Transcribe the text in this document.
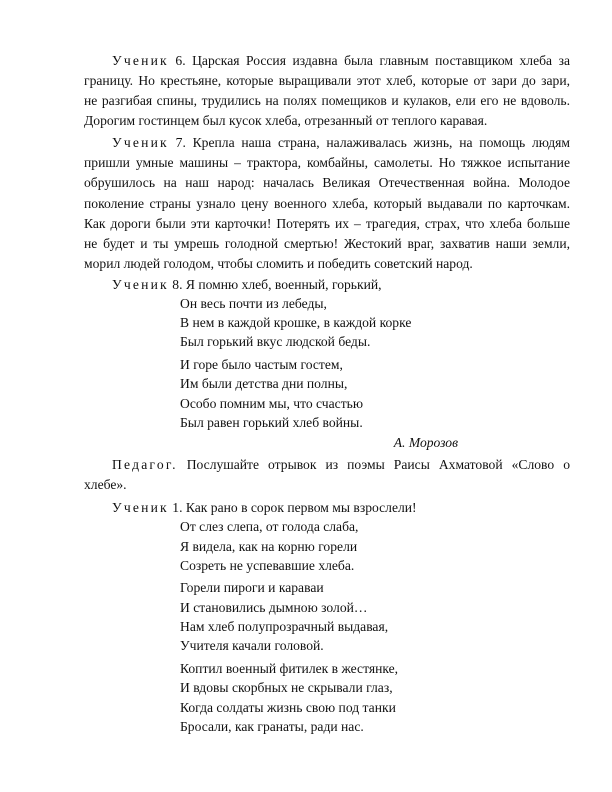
Ученик 6. Царская Россия издавна была главным поставщиком хлеба за
границу. Но крестьяне, которые выращивали этот хлеб, которые от зари до зари,
не разгибая спины, трудились на полях помещиков и кулаков, ели его не вдоволь.
Дорогим гостинцем был кусок хлеба, отрезанный от теплого каравая.
Ученик 7. Крепла наша страна, налаживалась жизнь, на помощь людям
пришли умные машины – трактора, комбайны, самолеты. Но тяжкое испытание
обрушилось на наш народ: началась Великая Отечественная война. Молодое
поколение страны узнало цену военного хлеба, который выдавали по карточкам.
Как дороги были эти карточки! Потерять их – трагедия, страх, что хлеба больше
не будет и ты умрешь голодной смертью! Жестокий враг, захватив наши земли,
морил людей голодом, чтобы сломить и победить советский народ.
Ученик 8. Я помню хлеб, военный, горький,
Он весь почти из лебеды,
В нем в каждой крошке, в каждой корке
Был горький вкус людской беды.
И горе было частым гостем,
Им были детства дни полны,
Особо помним мы, что счастью
Был равен горький хлеб войны.
А. Морозов
Педагог. Послушайте отрывок из поэмы Раисы Ахматовой «Слово о
хлебе».
Ученик 1. Как рано в сорок первом мы взрослели!
От слез слепа, от голода слаба,
Я видела, как на корню горели
Созреть не успевавшие хлеба.
Горели пироги и караваи
И становились дымною золой…
Нам хлеб полупрозрачный выдавая,
Учителя качали головой.
Коптил военный фитилек в жестянке,
И вдовы скорбных не скрывали глаз,
Когда солдаты жизнь свою под танки
Бросали, как гранаты, ради нас.
